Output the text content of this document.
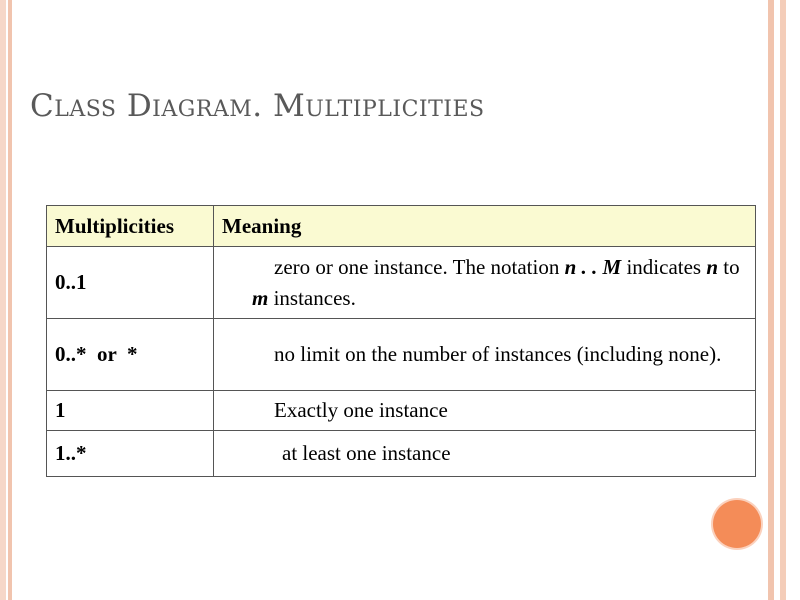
Class Diagram. Multiplicities
Multiplicities	Meaning
0..1	zero or one instance. The notation n . . M indicates n to m instances.
0..*  or  *	no limit on the number of instances (including none).
1	Exactly one instance
1..*	at least one instance
